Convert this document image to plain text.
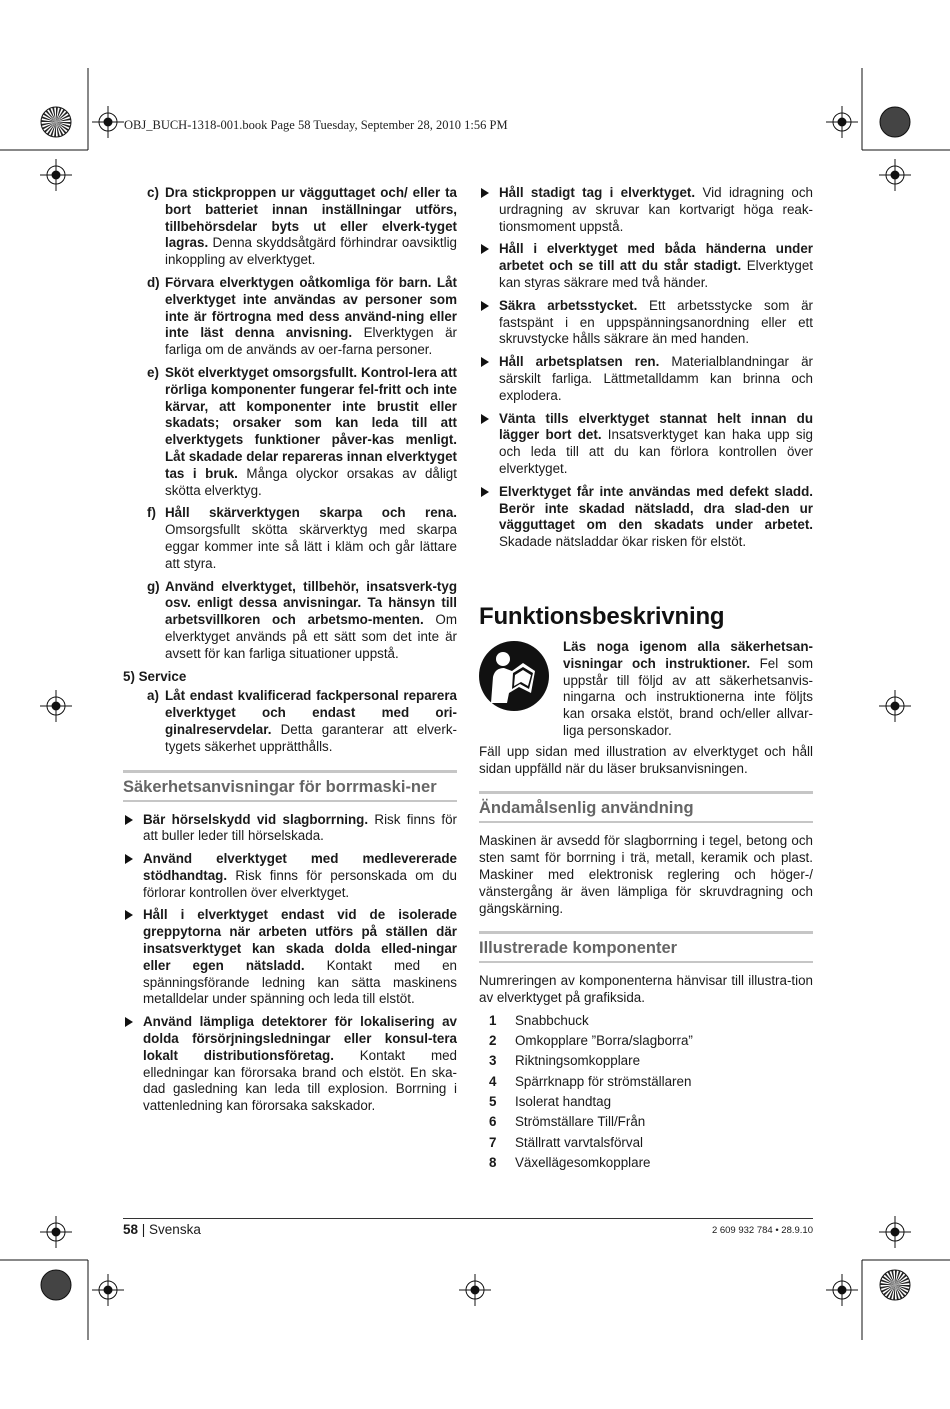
OBJ_BUCH-1318-001.book Page 58 Tuesday, September 28, 2010 1:56 PM
c) Dra stickproppen ur vägguttaget och/ eller ta bort batteriet innan inställningar utförs, tillbehörsdelar byts ut eller elverk-tyget lagras. Denna skyddsåtgärd förhindrar oavsiktlig inkoppling av elverktyget.
d) Förvara elverktygen oåtkomliga för barn. Låt elverktyget inte användas av personer som inte är förtrogna med dess använd-ning eller inte läst denna anvisning. Elverktygen är farliga om de används av oer-farna personer.
e) Sköt elverktyget omsorgsfullt. Kontrol-lera att rörliga komponenter fungerar fel-fritt och inte kärvar, att komponenter inte brustit eller skadats; orsaker som kan leda till att elverktygets funktioner påver-kas menligt. Låt skadade delar repareras innan elverktyget tas i bruk. Många olyckor orsakas av dåligt skötta elverktyg.
f) Håll skärverktygen skarpa och rena. Omsorgsfullt skötta skärverktyg med skarpa eggar kommer inte så lätt i kläm och går lättare att styra.
g) Använd elverktyget, tillbehör, insatsverk-tyg osv. enligt dessa anvisningar. Ta hänsyn till arbetsvillkoren och arbetsmo-menten. Om elverktyget används på ett sätt som det inte är avsett för kan farliga situationer uppstå.
5) Service
a) Låt endast kvalificerad fackpersonal reparera elverktyget och endast med ori-ginalreservdelar. Detta garanterar att elverk-tygets säkerhet upprätthålls.
Säkerhetsanvisningar för borrmaski-ner
Bär hörselskydd vid slagborrning. Risk finns för att buller leder till hörselskada.
Använd elverktyget med medlevererade stödhandtag. Risk finns för personskada om du förlorar kontrollen över elverktyget.
Håll i elverktyget endast vid de isolerade greppytorna när arbeten utförs på ställen där insatsverktyget kan skada dolda elled-ningar eller egen nätsladd. Kontakt med en spänningsförande ledning kan sätta maskinens metalldelar under spänning och leda till elstöt.
Använd lämpliga detektorer för lokalisering av dolda försörjningsledningar eller konsul-tera lokalt distributionsföretag. Kontakt med elledningar kan förorsaka brand och elstöt. En ska-dad gasledning kan leda till explosion. Borrning i vattenledning kan förorsaka sakskador.
Håll stadigt tag i elverktyget. Vid idragning och urdragning av skruvar kan kortvarigt höga reak-tionsmoment uppstå.
Håll i elverktyget med båda händerna under arbetet och se till att du står stadigt. Elverktyget kan styras säkrare med två händer.
Säkra arbetsstycket. Ett arbetsstycke som är fastspänt i en uppspänningsanordning eller ett skruvstycke hålls säkrare än med handen.
Håll arbetsplatsen ren. Materialblandningar är särskilt farliga. Lättmetalldamm kan brinna och explodera.
Vänta tills elverktyget stannat helt innan du lägger bort det. Insatsverktyget kan haka upp sig och leda till att du kan förlora kontrollen över elverktyget.
Elverktyget får inte användas med defekt sladd. Berör inte skadad nätsladd, dra slad-den ur vägguttaget om den skadats under arbetet. Skadade nätsladdar ökar risken för elstöt.
Funktionsbeskrivning
Läs noga igenom alla säkerhetsan-visningar och instruktioner. Fel som uppstår till följd av att säkerhetsanvis-ningarna och instruktionerna inte följts kan orsaka elstöt, brand och/eller allvar-liga personskador.

Fäll upp sidan med illustration av elverktyget och håll sidan uppfälld när du läser bruksanvisningen.

Ändamålsenlig användning

Maskinen är avsedd för slagborrning i tegel, betong och sten samt för borrning i trä, metall, keramik och plast. Maskiner med elektronisk reglering och höger-/ vänstergång är även lämpliga för skruvdragning och gängskärning.

Illustrerade komponenter

Numreringen av komponenterna hänvisar till illustra-tion av elverktyget på grafiksida.

1	Snabbchuck
2	Omkopplare ”Borra/slagborra”
3	Riktningsomkopplare
4	Spärrknapp för strömställaren
5	Isolerat handtag
6	Strömställare Till/Från
7	Ställratt varvtalsförval
8	Växellägesomkopplare
58 | Svenska	2 609 932 784 • 28.9.10
